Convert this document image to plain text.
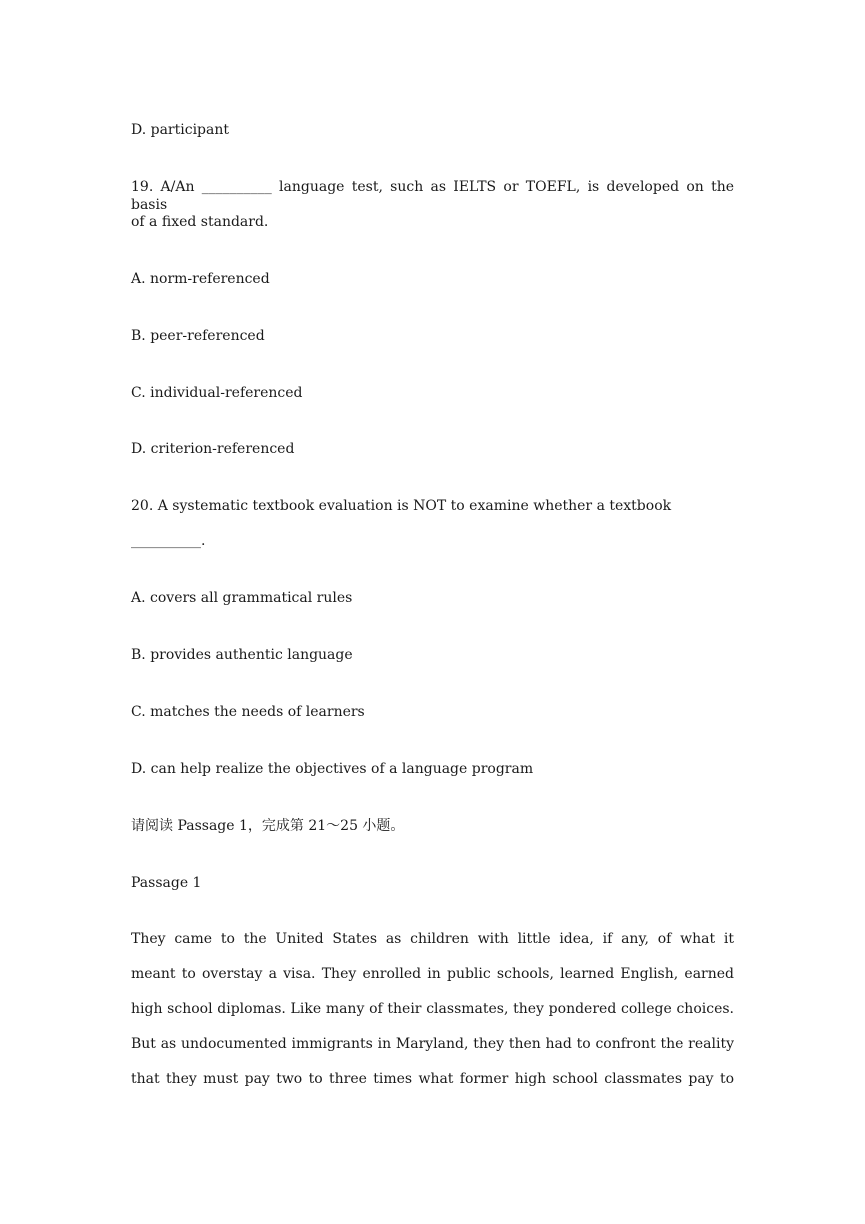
D. participant
19. A/An __________ language test, such as IELTS or TOEFL, is developed on the basis
of a fixed standard.
A. norm-referenced
B. peer-referenced
C. individual-referenced
D. criterion-referenced
20. A systematic textbook evaluation is NOT to examine whether a textbook
__________.
A. covers all grammatical rules
B. provides authentic language
C. matches the needs of learners
D. can help realize the objectives of a language program
请阅读 Passage 1，完成第 21～25 小题。
Passage 1
They came to the United States as children with little idea, if any, of what it
meant to overstay a visa. They enrolled in public schools, learned English, earned
high school diplomas. Like many of their classmates, they pondered college choices.
But as undocumented immigrants in Maryland, they then had to confront the reality
that they must pay two to three times what former high school classmates pay to
